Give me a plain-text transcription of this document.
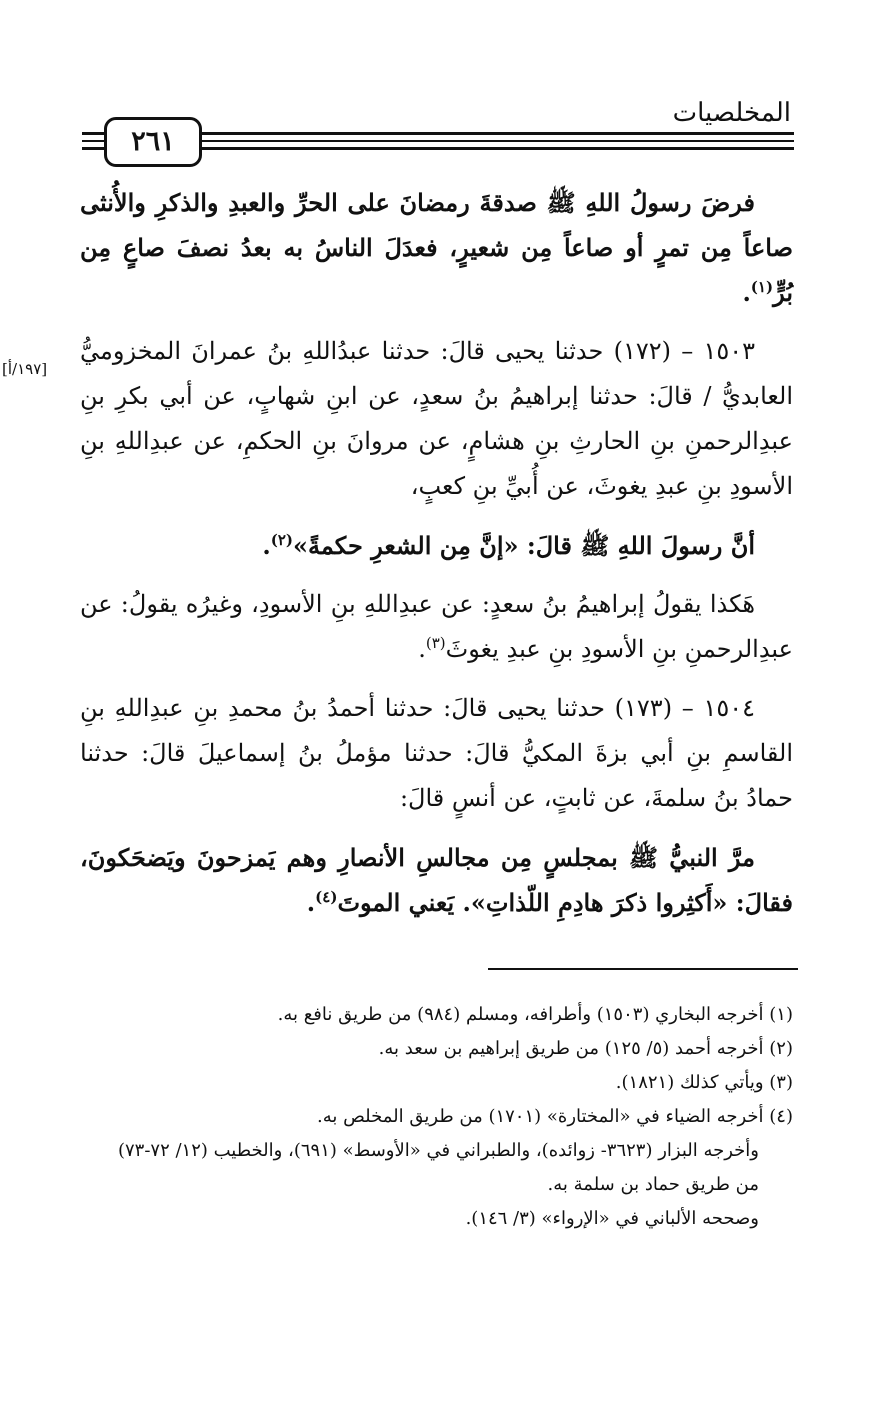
المخلصيات
٢٦١
[١٩٧/أ]

فرضَ رسولُ اللهِ ﷺ صدقةَ رمضانَ على الحرِّ والعبدِ والذكرِ والأُنثى صاعاً مِن تمرٍ أو صاعاً مِن شعيرٍ، فعدَلَ الناسُ به بعدُ نصفَ صاعٍ مِن بُرٍّ$^{(١)}$.

١٥٠٣ – (١٧٢) حدثنا يحيى قالَ: حدثنا عبدُاللهِ بنُ عمرانَ المخزوميُّ العابديُّ / قالَ: حدثنا إبراهيمُ بنُ سعدٍ، عن ابنِ شهابٍ، عن أبي بكرِ بنِ عبدِالرحمنِ بنِ الحارثِ بنِ هشامٍ، عن مروانَ بنِ الحكمِ، عن عبدِاللهِ بنِ الأسودِ بنِ عبدِ يغوثَ، عن أُبيِّ بنِ كعبٍ،

أنَّ رسولَ اللهِ ﷺ قالَ: «إنَّ مِن الشعرِ حكمةً»$^{(٢)}$.

هَكذا يقولُ إبراهيمُ بنُ سعدٍ: عن عبدِاللهِ بنِ الأسودِ، وغيرُه يقولُ: عن عبدِالرحمنِ بنِ الأسودِ بنِ عبدِ يغوثَ$^{(٣)}$.

١٥٠٤ – (١٧٣) حدثنا يحيى قالَ: حدثنا أحمدُ بنُ محمدِ بنِ عبدِاللهِ بنِ القاسمِ بنِ أبي بزةَ المكيُّ قالَ: حدثنا مؤملُ بنُ إسماعيلَ قالَ: حدثنا حمادُ بنُ سلمةَ، عن ثابتٍ، عن أنسٍ قالَ:

مرَّ النبيُّ ﷺ بمجلسٍ مِن مجالسِ الأنصارِ وهم يَمزحونَ ويَضحَكونَ، فقالَ: «أَكثِروا ذكرَ هادِمِ اللّذاتِ». يَعني الموتَ$^{(٤)}$.

(١) أخرجه البخاري (١٥٠٣) وأطرافه، ومسلم (٩٨٤) من طريق نافع به.
(٢) أخرجه أحمد (٥/ ١٢٥) من طريق إبراهيم بن سعد به.
(٣) ويأتي كذلك (١٨٢١).
(٤) أخرجه الضياء في «المختارة» (١٧٠١) من طريق المخلص به.
وأخرجه البزار (٣٦٢٣- زوائده)، والطبراني في «الأوسط» (٦٩١)، والخطيب (١٢/ ٧٢-٧٣) من طريق حماد بن سلمة به.
وصححه الألباني في «الإرواء» (٣/ ١٤٦).
